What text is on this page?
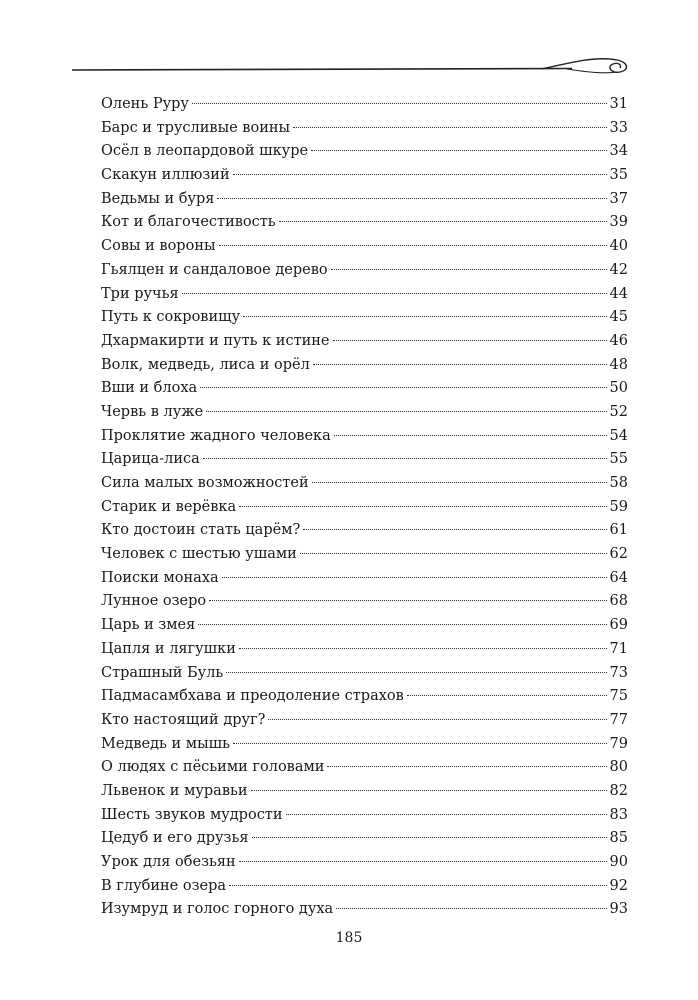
Олень Руру	31
Барс и трусливые воины	33
Осёл в леопардовой шкуре	34
Скакун иллюзий	35
Ведьмы и буря	37
Кот и благочестивость	39
Совы и вороны	40
Гьялцен и сандаловое дерево	42
Три ручья	44
Путь к сокровищу	45
Дхармакирти и путь к истине	46
Волк, медведь, лиса и орёл	48
Вши и блоха	50
Червь в луже	52
Проклятие жадного человека	54
Царица-лиса	55
Сила малых возможностей	58
Старик и верёвка	59
Кто достоин стать царём?	61
Человек с шестью ушами	62
Поиски монаха	64
Лунное озеро	68
Царь и змея	69
Цапля и лягушки	71
Страшный Буль	73
Падмасамбхава и преодоление страхов	75
Кто настоящий друг?	77
Медведь и мышь	79
О людях с пёсьими головами	80
Львенок и муравьи	82
Шесть звуков мудрости	83
Цедуб и его друзья	85
Урок для обезьян	90
В глубине озера	92
Изумруд и голос горного духа	93
185
